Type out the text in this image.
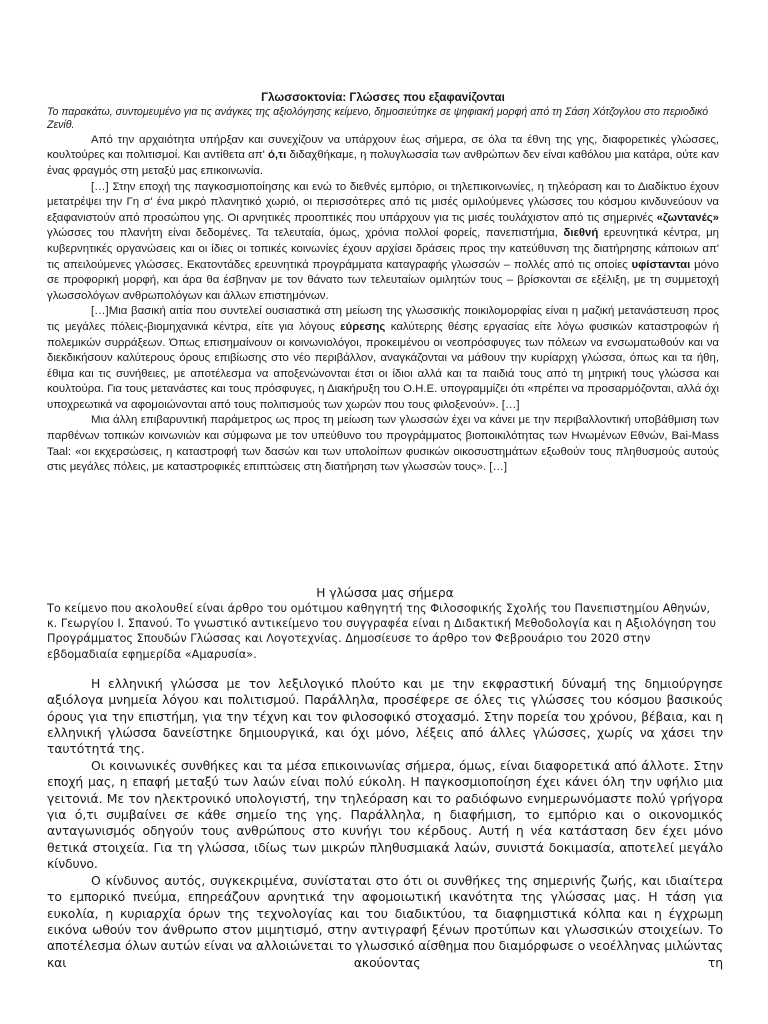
Γλωσσοκτονία: Γλώσσες που εξαφανίζονται
Το παρακάτω, συντομευμένο για τις ανάγκες της αξιολόγησης κείμενο, δημοσιεύτηκε σε ψηφιακή μορφή από τη Σάση Χότζογλου στο περιοδικό Ζενίθ.

Από την αρχαιότητα υπήρξαν και συνεχίζουν να υπάρχουν έως σήμερα, σε όλα τα έθνη της γης, διαφορετικές γλώσσες, κουλτούρες και πολιτισμοί. Και αντίθετα απ' ό,τι διδαχθήκαμε, η πολυγλωσσία των ανθρώπων δεν είναι καθόλου μια κατάρα, ούτε καν ένας φραγμός στη μεταξύ μας επικοινωνία.

[…] Στην εποχή της παγκοσμιοποίησης και ενώ το διεθνές εμπόριο, οι τηλεπικοινωνίες, η τηλεόραση και το Διαδίκτυο έχουν μετατρέψει την Γη σ' ένα μικρό πλανητικό χωριό, οι περισσότερες από τις μισές ομιλούμενες γλώσσες του κόσμου κινδυνεύουν να εξαφανιστούν από προσώπου γης. Οι αρνητικές προοπτικές που υπάρχουν για τις μισές τουλάχιστον από τις σημερινές «ζωντανές» γλώσσες του πλανήτη είναι δεδομένες. Τα τελευταία, όμως, χρόνια πολλοί φορείς, πανεπιστήμια, διεθνή ερευνητικά κέντρα, μη κυβερνητικές οργανώσεις και οι ίδιες οι τοπικές κοινωνίες έχουν αρχίσει δράσεις προς την κατεύθυνση της διατήρησης κάποιων απ' τις απειλούμενες γλώσσες. Εκατοντάδες ερευνητικά προγράμματα καταγραφής γλωσσών – πολλές από τις οποίες υφίστανται μόνο σε προφορική μορφή, και άρα θα έσβηναν με τον θάνατο των τελευταίων ομιλητών τους – βρίσκονται σε εξέλιξη, με τη συμμετοχή γλωσσολόγων ανθρωπολόγων και άλλων επιστημόνων.

[…]Μια βασική αιτία που συντελεί ουσιαστικά στη μείωση της γλωσσικής ποικιλομορφίας είναι η μαζική μετανάστευση προς τις μεγάλες πόλεις-βιομηχανικά κέντρα, είτε για λόγους εύρεσης καλύτερης θέσης εργασίας είτε λόγω φυσικών καταστροφών ή πολεμικών συρράξεων. Όπως επισημαίνουν οι κοινωνιολόγοι, προκειμένου οι νεοπρόσφυγες των πόλεων να ενσωματωθούν και να διεκδικήσουν καλύτερους όρους επιβίωσης στο νέο περιβάλλον, αναγκάζονται να μάθουν την κυρίαρχη γλώσσα, όπως και τα ήθη, έθιμα και τις συνήθειες, με αποτέλεσμα να αποξενώνονται έτσι οι ίδιοι αλλά και τα παιδιά τους από τη μητρική τους γλώσσα και κουλτούρα. Για τους μετανάστες και τους πρόσφυγες, η Διακήρυξη του Ο.Η.Ε. υπογραμμίζει ότι «πρέπει να προσαρμόζονται, αλλά όχι υποχρεωτικά να αφομοιώνονται από τους πολιτισμούς των χωρών που τους φιλοξενούν». […]

Μια άλλη επιβαρυντική παράμετρος ως προς τη μείωση των γλωσσών έχει να κάνει με την περιβαλλοντική υποβάθμιση των παρθένων τοπικών κοινωνιών και σύμφωνα με τον υπεύθυνο του προγράμματος βιοποικιλότητας των Ηνωμένων Εθνών, Bai-Mass Taal: «οι εκχερσώσεις, η καταστροφή των δασών και των υπολοίπων φυσικών οικοσυστημάτων εξωθούν τους πληθυσμούς αυτούς στις μεγάλες πόλεις, με καταστροφικές επιπτώσεις στη διατήρηση των γλωσσών τους». […]

Η γλώσσα μας σήμερα
Το κείμενο που ακολουθεί είναι άρθρο του ομότιμου καθηγητή της Φιλοσοφικής Σχολής του Πανεπιστημίου Αθηνών, κ. Γεωργίου Ι. Σπανού. Το γνωστικό αντικείμενο του συγγραφέα είναι η Διδακτική Μεθοδολογία και η Αξιολόγηση του Προγράμματος Σπουδών Γλώσσας και Λογοτεχνίας. Δημοσίευσε το άρθρο τον Φεβρουάριο του 2020 στην εβδομαδιαία εφημερίδα «Αμαρυσία».

Η ελληνική γλώσσα με τον λεξιλογικό πλούτο και με την εκφραστική δύναμή της δημιούργησε αξιόλογα μνημεία λόγου και πολιτισμού. Παράλληλα, προσέφερε σε όλες τις γλώσσες του κόσμου βασικούς όρους για την επιστήμη, για την τέχνη και τον φιλοσοφικό στοχασμό. Στην πορεία του χρόνου, βέβαια, και η ελληνική γλώσσα δανείστηκε δημιουργικά, και όχι μόνο, λέξεις από άλλες γλώσσες, χωρίς να χάσει την ταυτότητά της.

Οι κοινωνικές συνθήκες και τα μέσα επικοινωνίας σήμερα, όμως, είναι διαφορετικά από άλλοτε. Στην εποχή μας, η επαφή μεταξύ των λαών είναι πολύ εύκολη. Η παγκοσμιοποίηση έχει κάνει όλη την υφήλιο μια γειτονιά. Με τον ηλεκτρονικό υπολογιστή, την τηλεόραση και το ραδιόφωνο ενημερωνόμαστε πολύ γρήγορα για ό,τι συμβαίνει σε κάθε σημείο της γης. Παράλληλα, η διαφήμιση, το εμπόριο και ο οικονομικός ανταγωνισμός οδηγούν τους ανθρώπους στο κυνήγι του κέρδους. Αυτή η νέα κατάσταση δεν έχει μόνο θετικά στοιχεία. Για τη γλώσσα, ιδίως των μικρών πληθυσμιακά λαών, συνιστά δοκιμασία, αποτελεί μεγάλο κίνδυνο.

Ο κίνδυνος αυτός, συγκεκριμένα, συνίσταται στο ότι οι συνθήκες της σημερινής ζωής, και ιδιαίτερα το εμπορικό πνεύμα, επηρεάζουν αρνητικά την αφομοιωτική ικανότητα της γλώσσας μας. Η τάση για ευκολία, η κυριαρχία όρων της τεχνολογίας και του διαδικτύου, τα διαφημιστικά κόλπα και η έγχρωμη εικόνα ωθούν τον άνθρωπο στον μιμητισμό, στην αντιγραφή ξένων προτύπων και γλωσσικών στοιχείων. Το αποτέλεσμα όλων αυτών είναι να αλλοιώνεται το γλωσσικό αίσθημα που διαμόρφωσε ο νεοέλληνας μιλώντας και ακούοντας τη
